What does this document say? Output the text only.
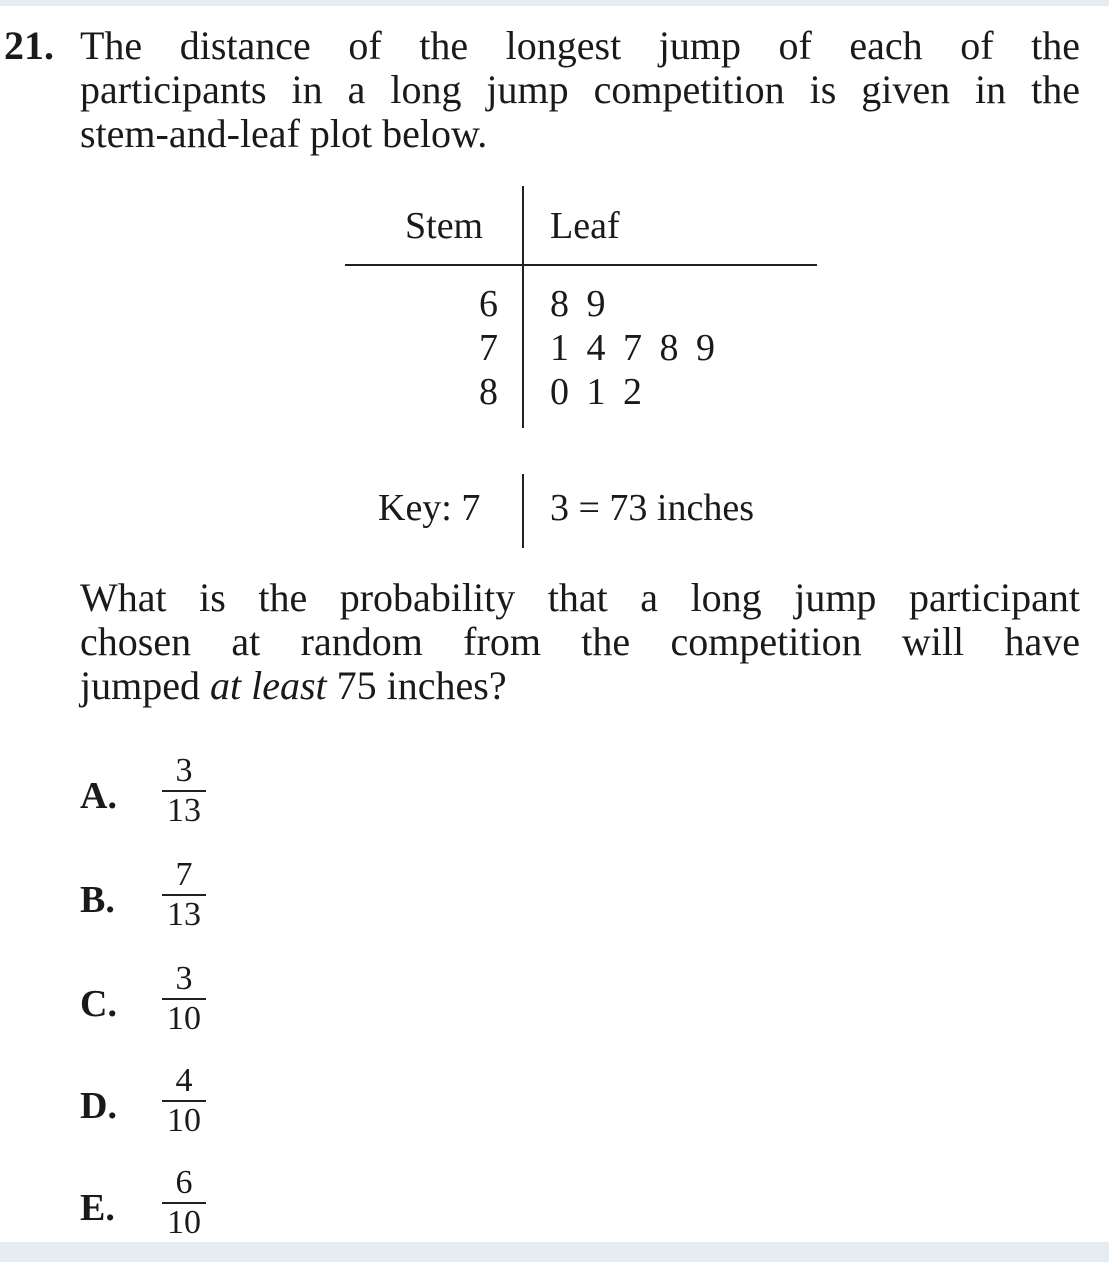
21. The distance of the longest jump of each of the
participants in a long jump competition is given in the
stem-and-leaf plot below.
Stem Leaf
6 8 9
7 1 4 7 8 9
8 0 1 2
Key: 7 3 = 73 inches
What is the probability that a long jump participant
chosen at random from the competition will have
jumped at least 75 inches?
A.
3
13
B.
7
13
C.
3
10
D.
4
10
E.
6
10
